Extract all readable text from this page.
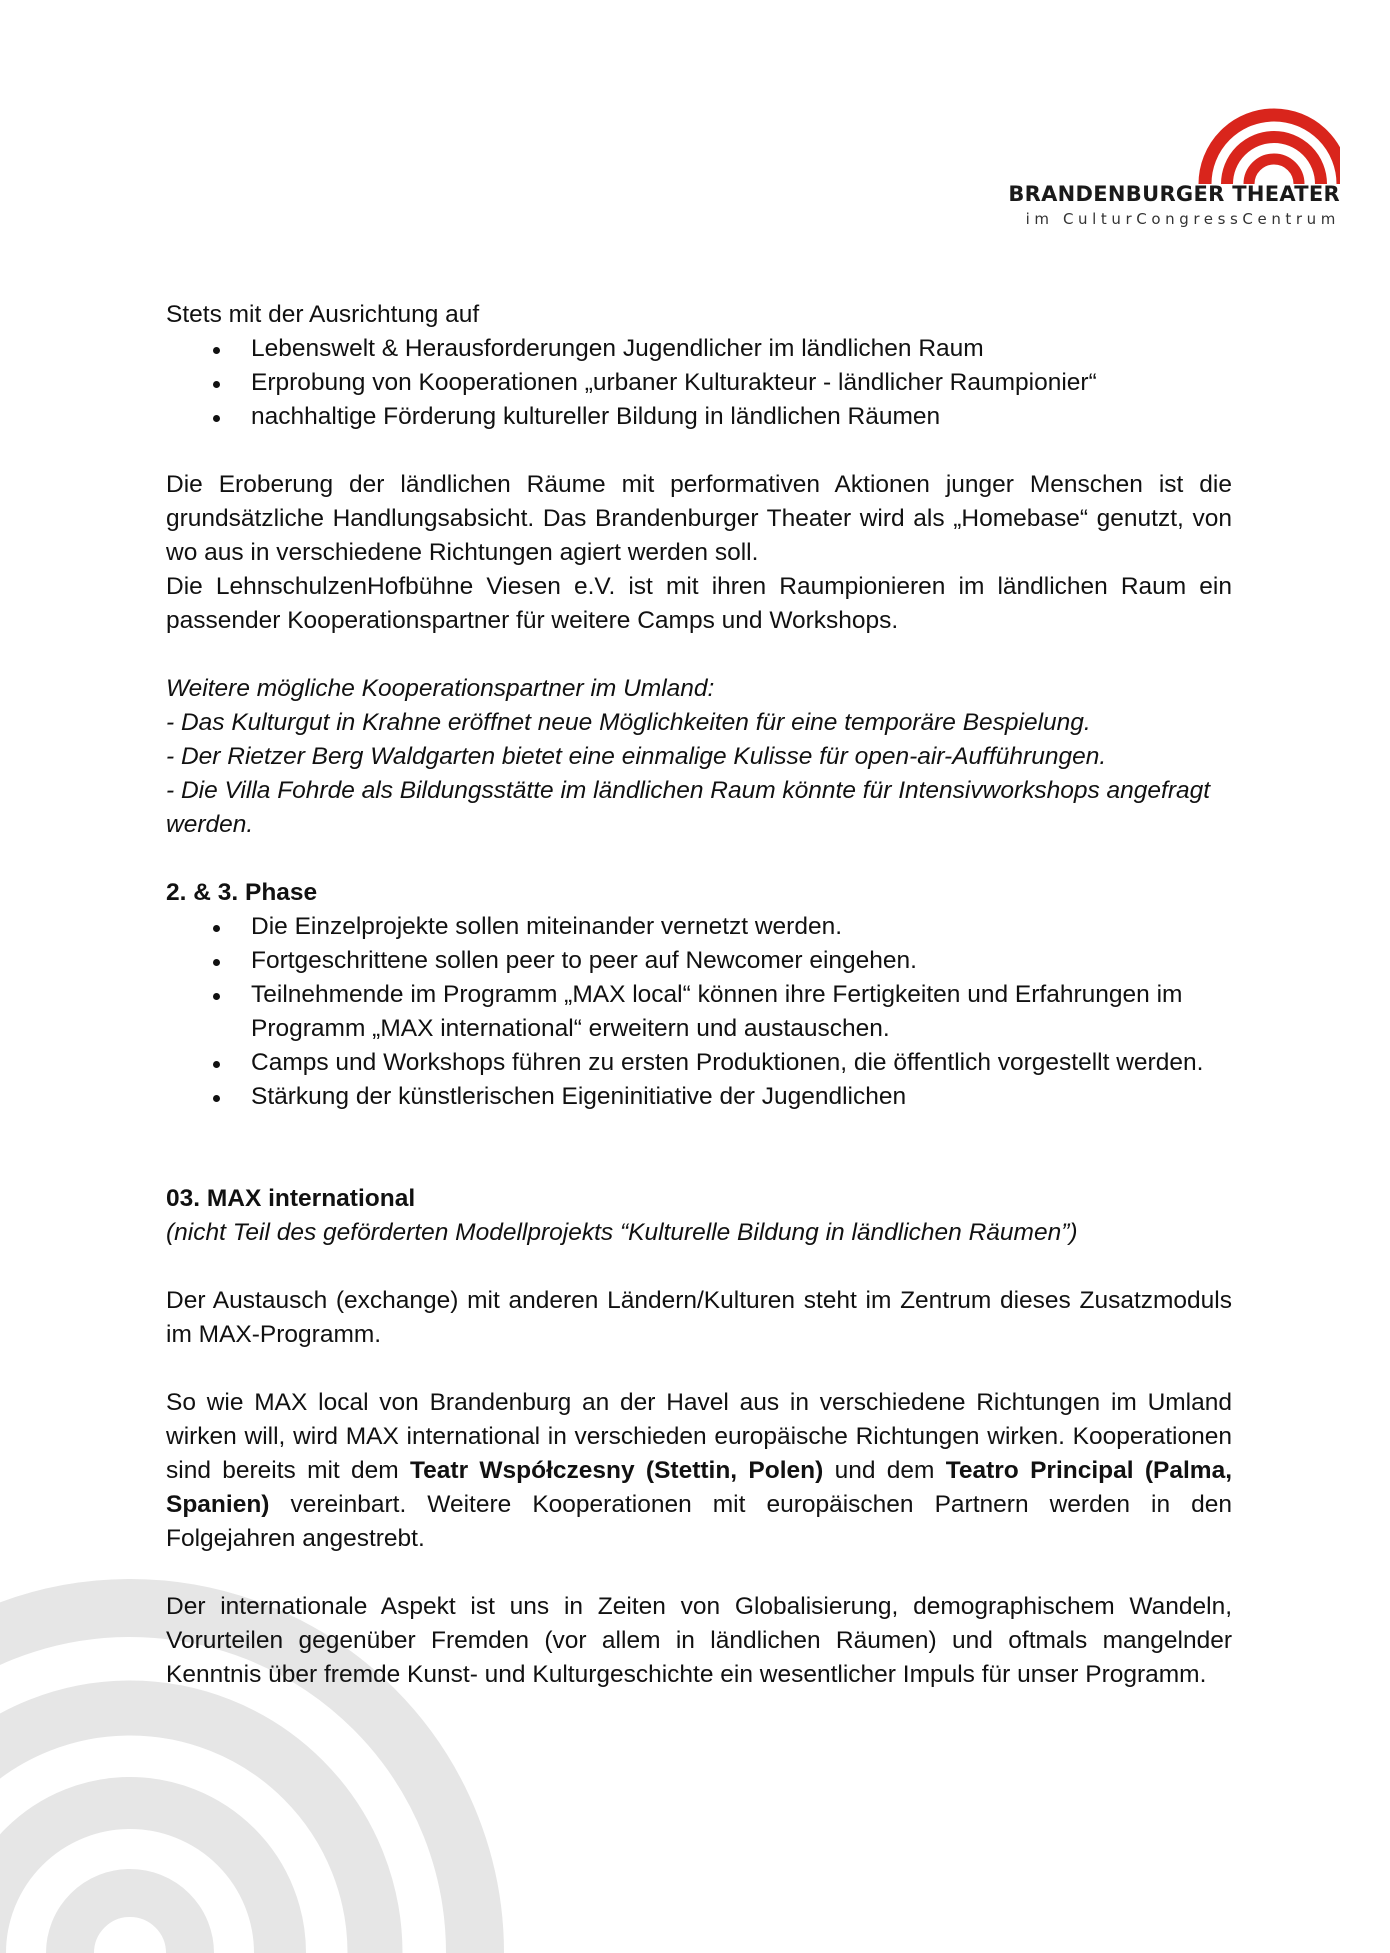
BRANDENBURGER THEATER
im CulturCongressCentrum

Stets mit der Ausrichtung auf

Lebenswelt & Herausforderungen Jugendlicher im ländlichen Raum
Erprobung von Kooperationen „urbaner Kulturakteur - ländlicher Raumpionier“
nachhaltige Förderung kultureller Bildung in ländlichen Räumen

Die Eroberung der ländlichen Räume mit performativen Aktionen junger Menschen ist die grundsätzliche Handlungsabsicht. Das Brandenburger Theater wird als „Homebase“ genutzt, von wo aus in verschiedene Richtungen agiert werden soll.

Die LehnschulzenHofbühne Viesen e.V. ist mit ihren Raumpionieren im ländlichen Raum ein passender Kooperationspartner für weitere Camps und Workshops.

Weitere mögliche Kooperationspartner im Umland:

- Das Kulturgut in Krahne eröffnet neue Möglichkeiten für eine temporäre Bespielung.

- Der Rietzer Berg Waldgarten bietet eine einmalige Kulisse für open-air-Aufführungen.

- Die Villa Fohrde als Bildungsstätte im ländlichen Raum könnte für Intensivworkshops angefragt werden.

2. & 3. Phase

Die Einzelprojekte sollen miteinander vernetzt werden.
Fortgeschrittene sollen peer to peer auf Newcomer eingehen.
Teilnehmende im Programm „MAX local“ können ihre Fertigkeiten und Erfahrungen im Programm „MAX international“ erweitern und austauschen.
Camps und Workshops führen zu ersten Produktionen, die öffentlich vorgestellt werden.
Stärkung der künstlerischen Eigeninitiative der Jugendlichen

03. MAX international

(nicht Teil des geförderten Modellprojekts “Kulturelle Bildung in ländlichen Räumen”)

Der Austausch (exchange) mit anderen Ländern/Kulturen steht im Zentrum dieses Zusatzmoduls im MAX-Programm.

So wie MAX local von Brandenburg an der Havel aus in verschiedene Richtungen im Umland wirken will, wird MAX international in verschieden europäische Richtungen wirken. Kooperationen sind bereits mit dem Teatr Współczesny (Stettin, Polen) und dem Teatro Principal (Palma, Spanien) vereinbart. Weitere Kooperationen mit europäischen Partnern werden in den Folgejahren angestrebt.

Der internationale Aspekt ist uns in Zeiten von Globalisierung, demographischem Wandeln, Vorurteilen gegenüber Fremden (vor allem in ländlichen Räumen) und oftmals mangelnder Kenntnis über fremde Kunst- und Kulturgeschichte ein wesentlicher Impuls für unser Programm.
